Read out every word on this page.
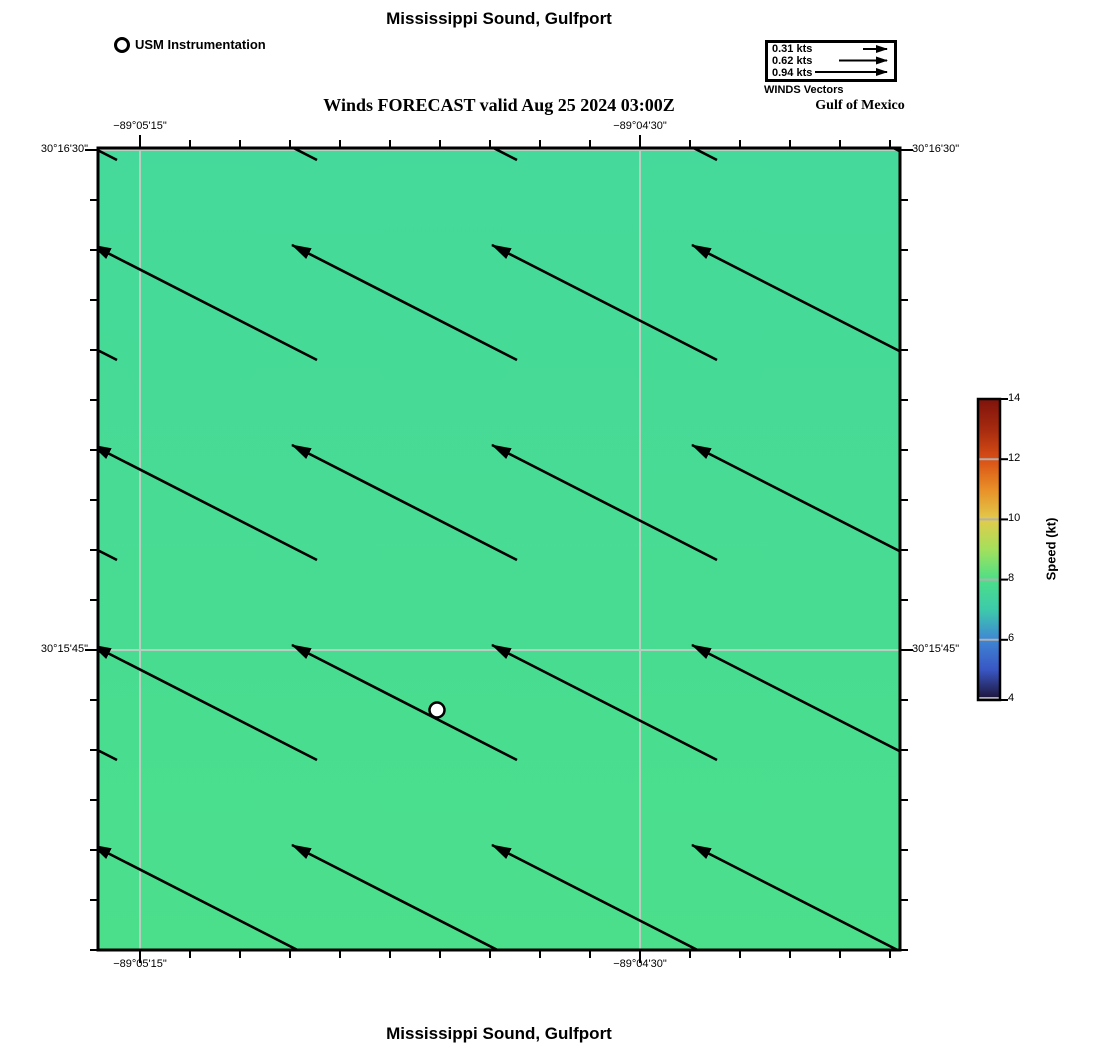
Mississippi Sound, Gulfport
Winds FORECAST valid Aug 25 2024 03:00Z
USM Instrumentation	0.31 kts
0.62 kts
0.94 kts
WINDS Vectors
Gulf of Mexico
−89°05'15"	−89°04'30"
−89°05'15"	−89°04'30"
30°16'30"
30°15'45"
30°16'30"
30°15'45"
14
12
10
8
6
4
Speed (kt)
Mississippi Sound, Gulfport
